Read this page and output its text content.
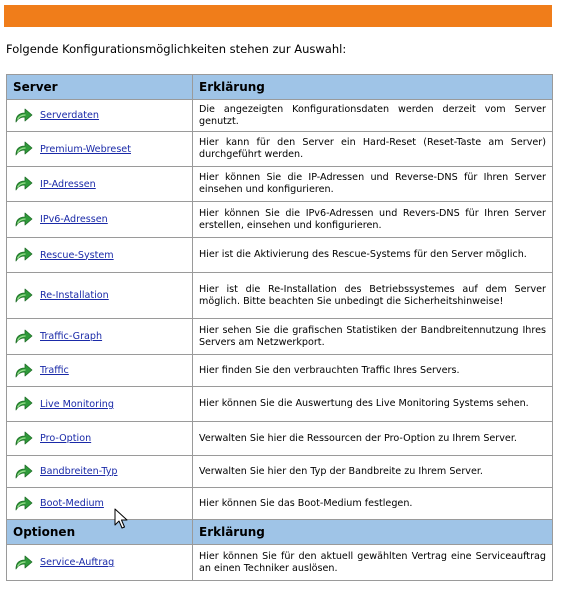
Details zum Vertrag (Vertrags-Nr.              )

Folgende Konfigurationsmöglichkeiten stehen zur Auswahl:
Server	Erklärung

Serverdaten	Die angezeigten Konfigurationsdaten werden derzeit vom Server genutzt.

Premium-Webreset	Hier kann für den Server ein Hard-Reset (Reset-Taste am Server) durchgeführt werden.

IP-Adressen	Hier können Sie die IP-Adressen und Reverse-DNS für Ihren Server einsehen und konfigurieren.

IPv6-Adressen	Hier können Sie die IPv6-Adressen und Revers-DNS für Ihren Server erstellen, einsehen und konfigurieren.

Rescue-System	Hier ist die Aktivierung des Rescue-Systems für den Server möglich.

Re-Installation	Hier ist die Re-Installation des Betriebssystemes auf dem Server möglich. Bitte beachten Sie unbedingt die Sicherheitshinweise!

Traffic-Graph	Hier sehen Sie die grafischen Statistiken der Bandbreitennutzung Ihres Servers am Netzwerkport.

Traffic	Hier finden Sie den verbrauchten Traffic Ihres Servers.

Live Monitoring	Hier können Sie die Auswertung des Live Monitoring Systems sehen.

Pro-Option	Verwalten Sie hier die Ressourcen der Pro-Option zu Ihrem Server.

Bandbreiten-Typ	Verwalten Sie hier den Typ der Bandbreite zu Ihrem Server.

Boot-Medium	Hier können Sie das Boot-Medium festlegen.
Optionen	Erklärung

Service-Auftrag	Hier können Sie für den aktuell gewählten Vertrag eine Serviceauftrag an einen Techniker auslösen.
